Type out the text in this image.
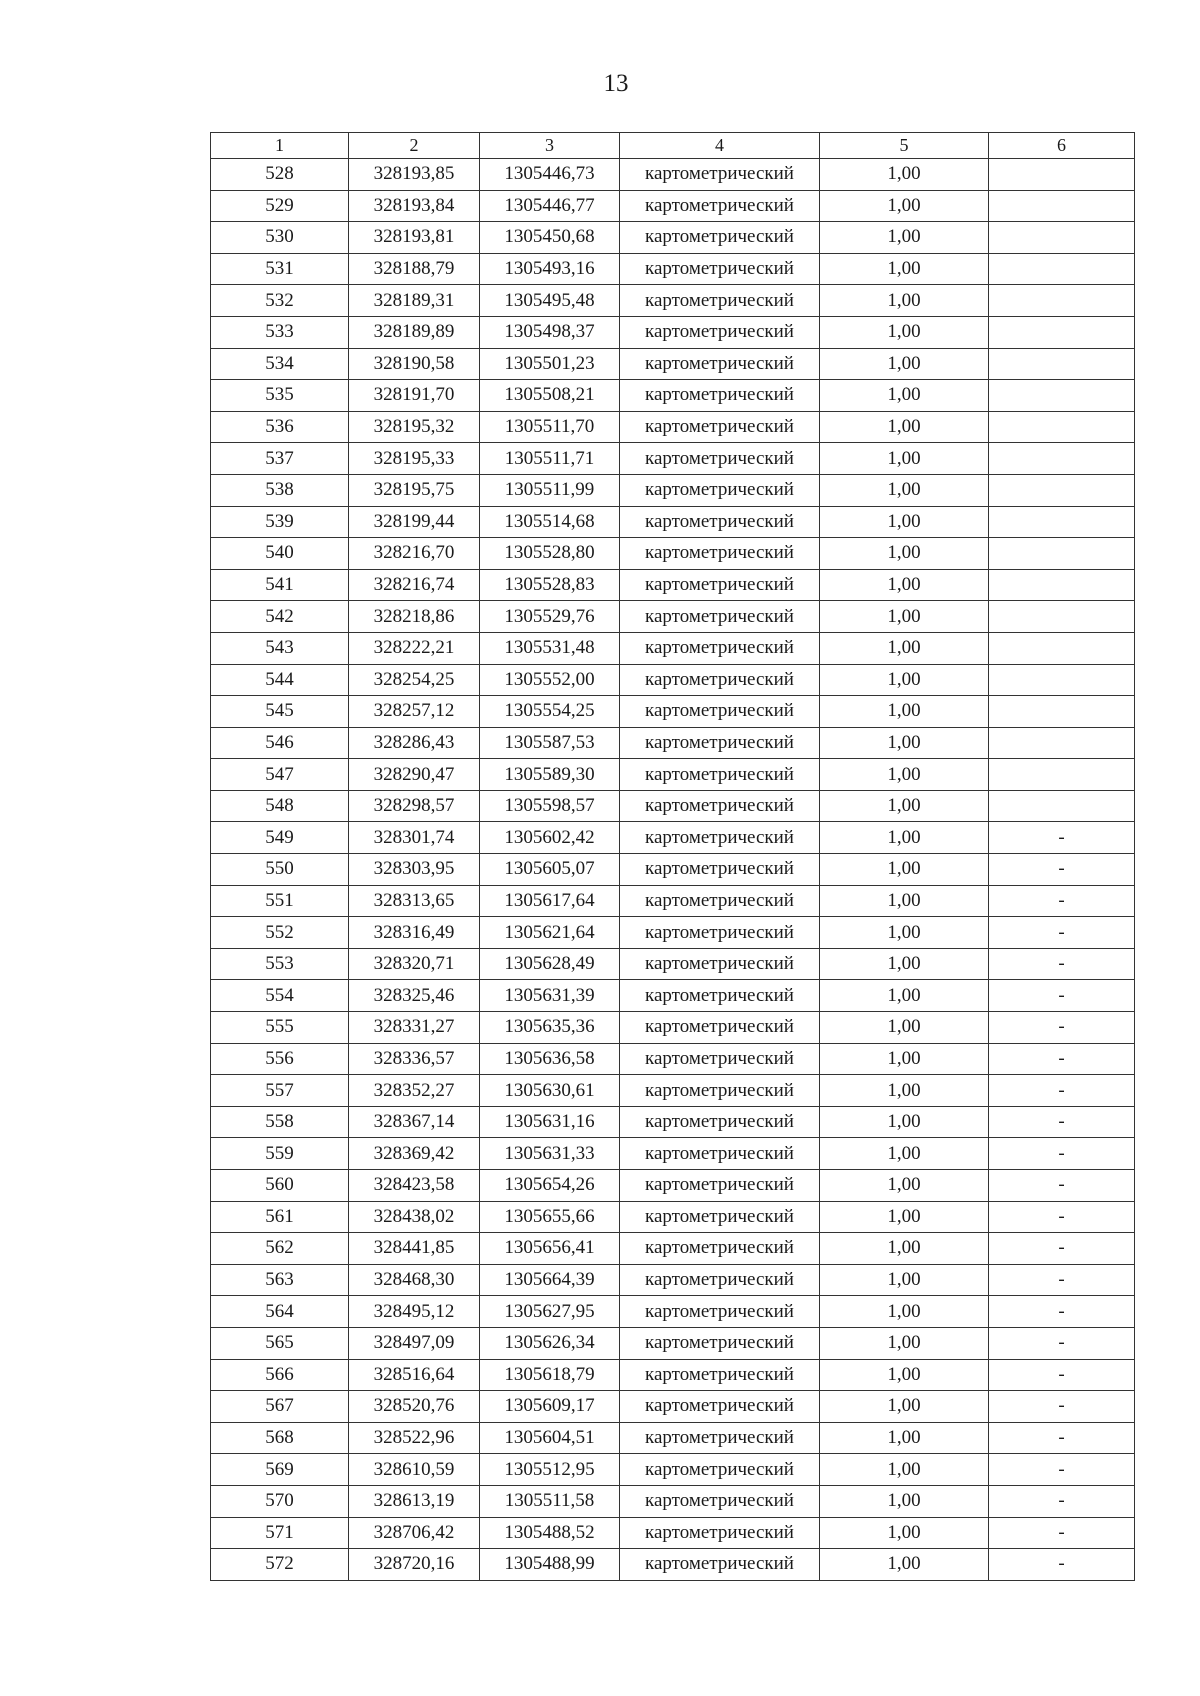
13
1	2	3	4	5	6
528	328193,85	1305446,73	картометрический	1,00	
529	328193,84	1305446,77	картометрический	1,00	
530	328193,81	1305450,68	картометрический	1,00	
531	328188,79	1305493,16	картометрический	1,00	
532	328189,31	1305495,48	картометрический	1,00	
533	328189,89	1305498,37	картометрический	1,00	
534	328190,58	1305501,23	картометрический	1,00	
535	328191,70	1305508,21	картометрический	1,00	
536	328195,32	1305511,70	картометрический	1,00	
537	328195,33	1305511,71	картометрический	1,00	
538	328195,75	1305511,99	картометрический	1,00	
539	328199,44	1305514,68	картометрический	1,00	
540	328216,70	1305528,80	картометрический	1,00	
541	328216,74	1305528,83	картометрический	1,00	
542	328218,86	1305529,76	картометрический	1,00	
543	328222,21	1305531,48	картометрический	1,00	
544	328254,25	1305552,00	картометрический	1,00	
545	328257,12	1305554,25	картометрический	1,00	
546	328286,43	1305587,53	картометрический	1,00	
547	328290,47	1305589,30	картометрический	1,00	
548	328298,57	1305598,57	картометрический	1,00	
549	328301,74	1305602,42	картометрический	1,00	-
550	328303,95	1305605,07	картометрический	1,00	-
551	328313,65	1305617,64	картометрический	1,00	-
552	328316,49	1305621,64	картометрический	1,00	-
553	328320,71	1305628,49	картометрический	1,00	-
554	328325,46	1305631,39	картометрический	1,00	-
555	328331,27	1305635,36	картометрический	1,00	-
556	328336,57	1305636,58	картометрический	1,00	-
557	328352,27	1305630,61	картометрический	1,00	-
558	328367,14	1305631,16	картометрический	1,00	-
559	328369,42	1305631,33	картометрический	1,00	-
560	328423,58	1305654,26	картометрический	1,00	-
561	328438,02	1305655,66	картометрический	1,00	-
562	328441,85	1305656,41	картометрический	1,00	-
563	328468,30	1305664,39	картометрический	1,00	-
564	328495,12	1305627,95	картометрический	1,00	-
565	328497,09	1305626,34	картометрический	1,00	-
566	328516,64	1305618,79	картометрический	1,00	-
567	328520,76	1305609,17	картометрический	1,00	-
568	328522,96	1305604,51	картометрический	1,00	-
569	328610,59	1305512,95	картометрический	1,00	-
570	328613,19	1305511,58	картометрический	1,00	-
571	328706,42	1305488,52	картометрический	1,00	-
572	328720,16	1305488,99	картометрический	1,00	-
